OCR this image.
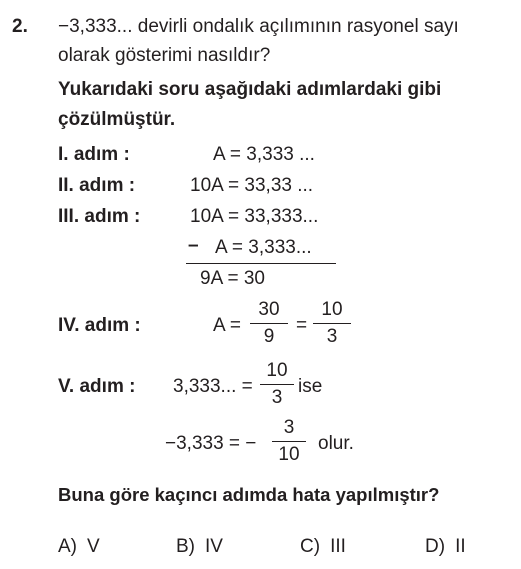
2. −3,333... devirli ondalık açılımının rasyonel sayı
olarak gösterimi nasıldır?
Yukarıdaki soru aşağıdaki adımlardaki gibi
çözülmüştür.
I. adım :	A = 3,333 ...
II. adım :	10A = 33,33 ...
III. adım :	10A = 33,333...
– A = 3,333...
9A = 30
IV. adım :	A =
30
9
=
10
3
V. adım : 3,333... =
10
3
ise
−3,333 = −
3
10
olur.
Buna göre kaçıncı adımda hata yapılmıştır?
A) V	B) IV	C) III	D) II
